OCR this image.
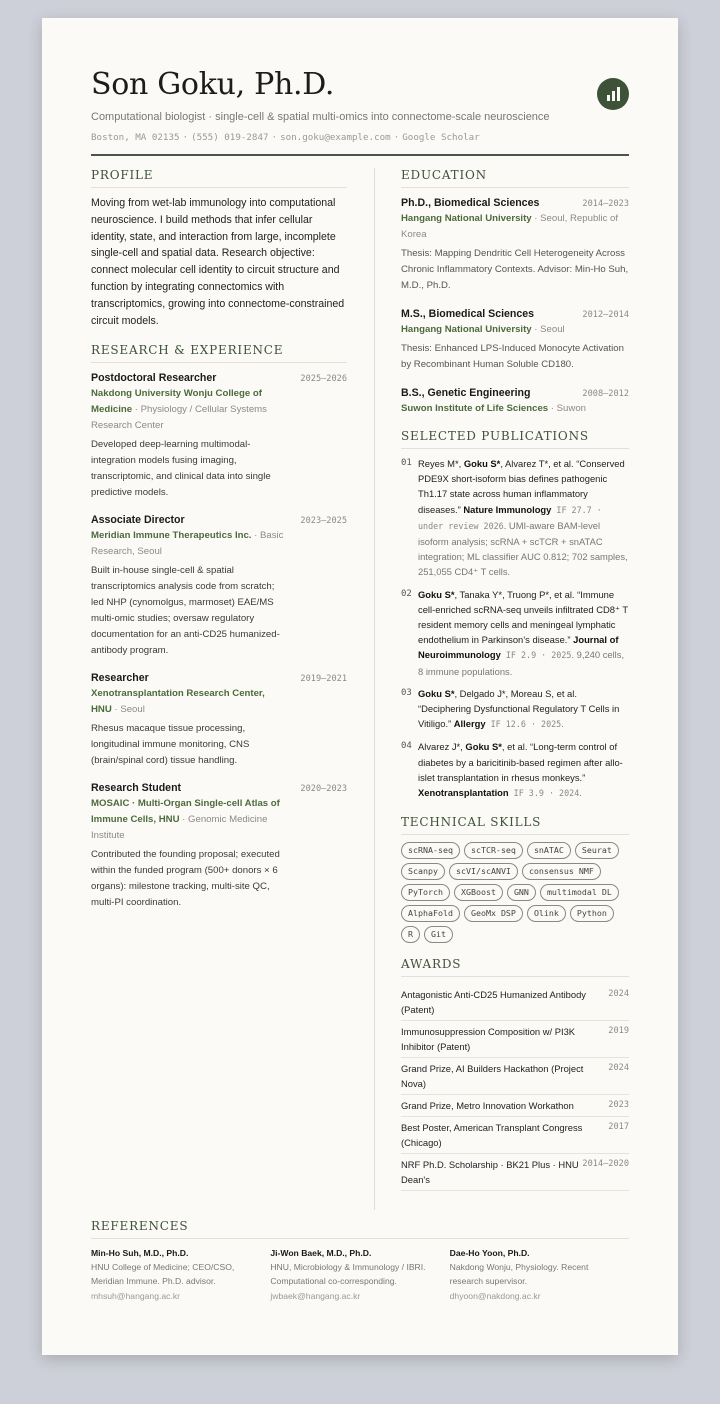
Son Goku, Ph.D.
Computational biologist · single-cell & spatial multi-omics into connectome-scale neuroscience
Boston, MA 02135 · (555) 019-2847 · son.goku@example.com · Google Scholar
PROFILE
Moving from wet-lab immunology into computational neuroscience. I build methods that infer cellular identity, state, and interaction from large, incomplete single-cell and spatial data. Research objective: connect molecular cell identity to circuit structure and function by integrating connectomics with transcriptomics, growing into connectome-constrained circuit models.
RESEARCH & EXPERIENCE
Postdoctoral Researcher	2025–2026
Nakdong University Wonju College of Medicine · Physiology / Cellular Systems Research Center
Developed deep-learning multimodal-integration models fusing imaging, transcriptomic, and clinical data into single predictive models.
Associate Director	2023–2025
Meridian Immune Therapeutics Inc. · Basic Research, Seoul
Built in-house single-cell & spatial transcriptomics analysis code from scratch; led NHP (cynomolgus, marmoset) EAE/MS multi-omic studies; oversaw regulatory documentation for an anti-CD25 humanized-antibody program.
Researcher	2019–2021
Xenotransplantation Research Center, HNU · Seoul
Rhesus macaque tissue processing, longitudinal immune monitoring, CNS (brain/spinal cord) tissue handling.
Research Student	2020–2023
MOSAIC · Multi-Organ Single-cell Atlas of Immune Cells, HNU · Genomic Medicine Institute
Contributed the founding proposal; executed within the funded program (500+ donors × 6 organs): milestone tracking, multi-site QC, multi-PI coordination.
EDUCATION
Ph.D., Biomedical Sciences	2014–2023
Hangang National University · Seoul, Republic of Korea
Thesis: Mapping Dendritic Cell Heterogeneity Across Chronic Inflammatory Contexts. Advisor: Min-Ho Suh, M.D., Ph.D.
M.S., Biomedical Sciences	2012–2014
Hangang National University · Seoul
Thesis: Enhanced LPS-Induced Monocyte Activation by Recombinant Human Soluble CD180.
B.S., Genetic Engineering	2008–2012
Suwon Institute of Life Sciences · Suwon
SELECTED PUBLICATIONS
01 Reyes M*, Goku S*, Alvarez T*, et al. “Conserved PDE9X short-isoform bias defines pathogenic Th1.17 state across human inflammatory diseases.” Nature Immunology IF 27.7 · under review 2026. UMI-aware BAM-level isoform analysis; scRNA + scTCR + snATAC integration; ML classifier AUC 0.812; 702 samples, 251,055 CD4⁺ T cells.
02 Goku S*, Tanaka Y*, Truong P*, et al. “Immune cell-enriched scRNA-seq unveils infiltrated CD8⁺ T resident memory cells and meningeal lymphatic endothelium in Parkinson’s disease.” Journal of Neuroimmunology IF 2.9 · 2025. 9,240 cells, 8 immune populations.
03 Goku S*, Delgado J*, Moreau S, et al. “Deciphering Dysfunctional Regulatory T Cells in Vitiligo.” Allergy IF 12.6 · 2025.
04 Alvarez J*, Goku S*, et al. “Long-term control of diabetes by a baricitinib-based regimen after allo-islet transplantation in rhesus monkeys.” Xenotransplantation IF 3.9 · 2024.
TECHNICAL SKILLS
scRNA-seq	scTCR-seq	snATAC	Seurat
Scanpy	scVI/scANVI	consensus NMF
PyTorch	XGBoost	GNN	multimodal DL
AlphaFold	GeoMx DSP	Olink	Python
R	Git
AWARDS
Antagonistic Anti-CD25 Humanized Antibody (Patent)
2024
Immunosuppression Composition w/ PI3K Inhibitor (Patent)
2019
Grand Prize, AI Builders Hackathon (Project Nova)
2024
Grand Prize, Metro Innovation Workathon	2023
Best Poster, American Transplant Congress (Chicago)
2017
NRF Ph.D. Scholarship · BK21 Plus · HNU Dean's
2014–2020
REFERENCES
Min-Ho Suh, M.D., Ph.D.
HNU College of Medicine; CEO/CSO, Meridian Immune. Ph.D. advisor.
mhsuh@hangang.ac.kr
Ji-Won Baek, M.D., Ph.D.
HNU, Microbiology & Immunology / IBRI. Computational co-corresponding.
jwbaek@hangang.ac.kr
Dae-Ho Yoon, Ph.D.
Nakdong Wonju, Physiology. Recent research supervisor.
dhyoon@nakdong.ac.kr
